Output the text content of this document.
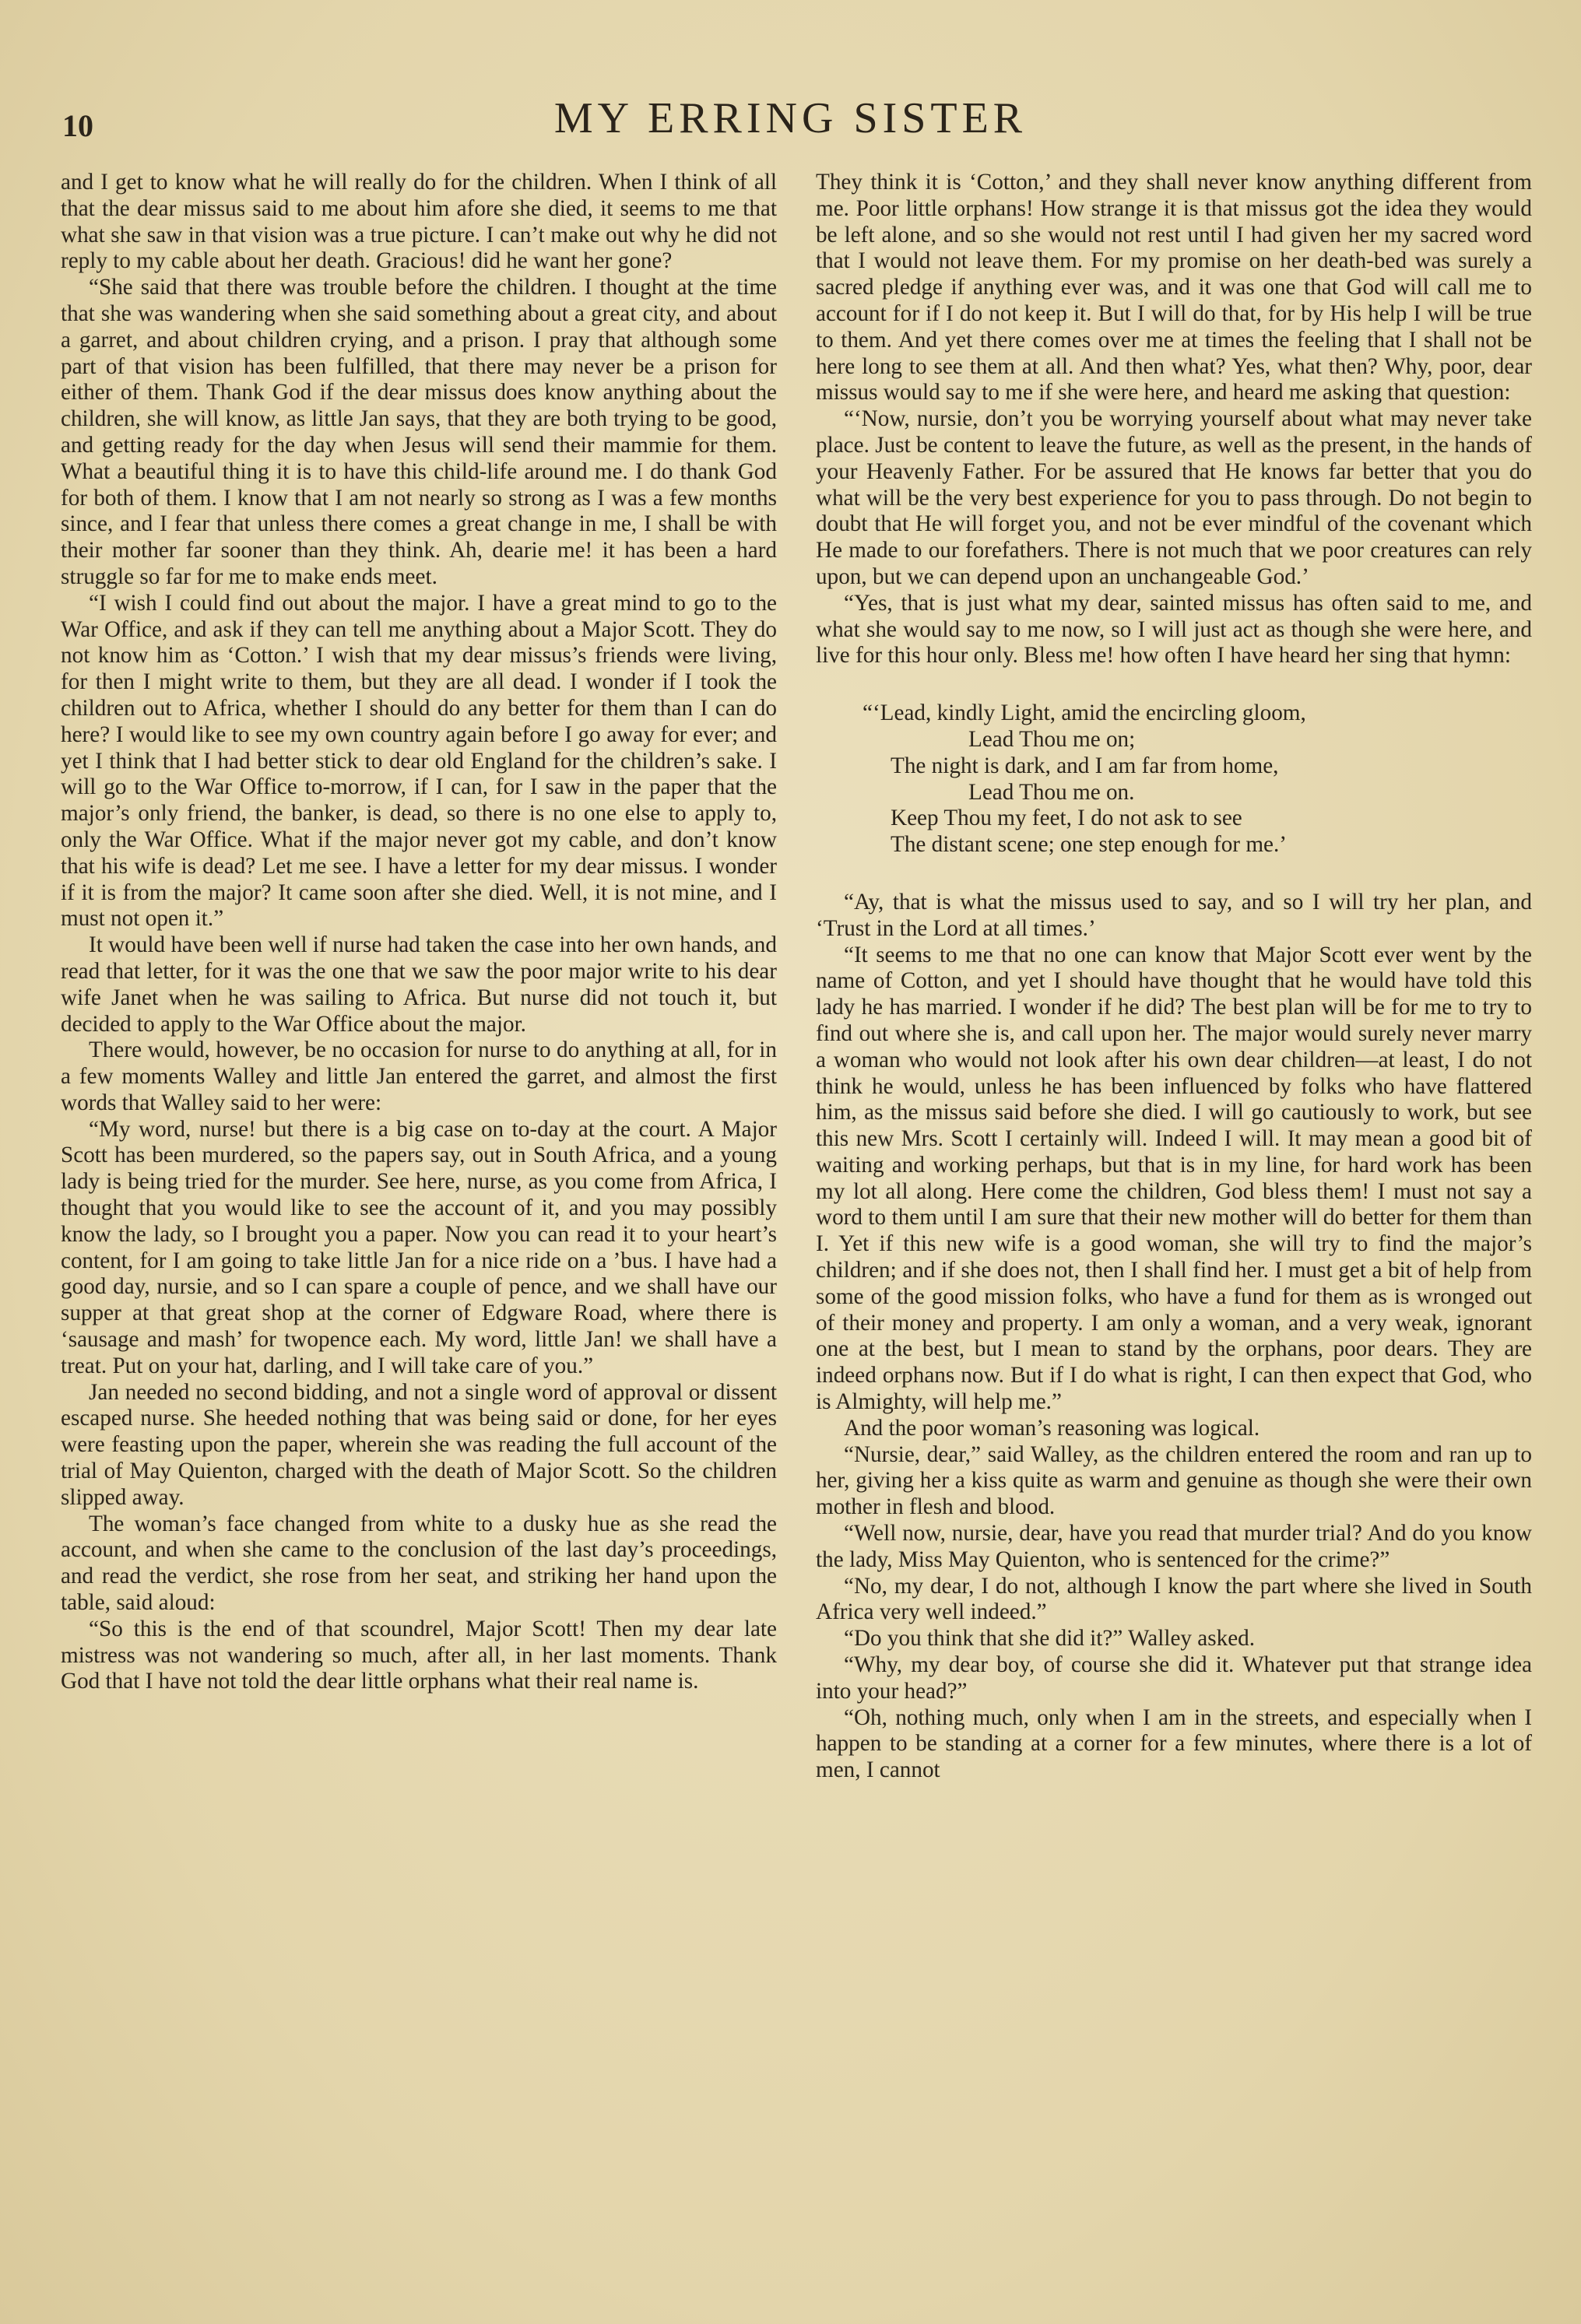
10	MY ERRING SISTER

and I get to know what he will really do for the children. When I think of all that the dear missus said to me about him afore she died, it seems to me that what she saw in that vision was a true picture. I can’t make out why he did not reply to my cable about her death. Gracious! did he want her gone?

“She said that there was trouble before the children. I thought at the time that she was wandering when she said something about a great city, and about a garret, and about children crying, and a prison. I pray that although some part of that vision has been fulfilled, that there may never be a prison for either of them. Thank God if the dear missus does know anything about the children, she will know, as little Jan says, that they are both trying to be good, and getting ready for the day when Jesus will send their mammie for them. What a beautiful thing it is to have this child-life around me. I do thank God for both of them. I know that I am not nearly so strong as I was a few months since, and I fear that unless there comes a great change in me, I shall be with their mother far sooner than they think. Ah, dearie me! it has been a hard struggle so far for me to make ends meet.

“I wish I could find out about the major. I have a great mind to go to the War Office, and ask if they can tell me anything about a Major Scott. They do not know him as ‘Cotton.’ I wish that my dear missus’s friends were living, for then I might write to them, but they are all dead. I wonder if I took the children out to Africa, whether I should do any better for them than I can do here? I would like to see my own country again before I go away for ever; and yet I think that I had better stick to dear old England for the children’s sake. I will go to the War Office to-morrow, if I can, for I saw in the paper that the major’s only friend, the banker, is dead, so there is no one else to apply to, only the War Office. What if the major never got my cable, and don’t know that his wife is dead? Let me see. I have a letter for my dear missus. I wonder if it is from the major? It came soon after she died. Well, it is not mine, and I must not open it.”

It would have been well if nurse had taken the case into her own hands, and read that letter, for it was the one that we saw the poor major write to his dear wife Janet when he was sailing to Africa. But nurse did not touch it, but decided to apply to the War Office about the major.

There would, however, be no occasion for nurse to do anything at all, for in a few moments Walley and little Jan entered the garret, and almost the first words that Walley said to her were:

“My word, nurse! but there is a big case on to-day at the court. A Major Scott has been murdered, so the papers say, out in South Africa, and a young lady is being tried for the murder. See here, nurse, as you come from Africa, I thought that you would like to see the account of it, and you may possibly know the lady, so I brought you a paper. Now you can read it to your heart’s content, for I am going to take little Jan for a nice ride on a ’bus. I have had a good day, nursie, and so I can spare a couple of pence, and we shall have our supper at that great shop at the corner of Edgware Road, where there is ‘sausage and mash’ for twopence each. My word, little Jan! we shall have a treat. Put on your hat, darling, and I will take care of you.”

Jan needed no second bidding, and not a single word of approval or dissent escaped nurse. She heeded nothing that was being said or done, for her eyes were feasting upon the paper, wherein she was reading the full account of the trial of May Quienton, charged with the death of Major Scott. So the children slipped away.

The woman’s face changed from white to a dusky hue as she read the account, and when she came to the conclusion of the last day’s proceedings, and read the verdict, she rose from her seat, and striking her hand upon the table, said aloud:

“So this is the end of that scoundrel, Major Scott! Then my dear late mistress was not wandering so much, after all, in her last moments. Thank God that I have not told the dear little orphans what their real name is.

They think it is ‘Cotton,’ and they shall never know anything different from me. Poor little orphans! How strange it is that missus got the idea they would be left alone, and so she would not rest until I had given her my sacred word that I would not leave them. For my promise on her death-bed was surely a sacred pledge if anything ever was, and it was one that God will call me to account for if I do not keep it. But I will do that, for by His help I will be true to them. And yet there comes over me at times the feeling that I shall not be here long to see them at all. And then what? Yes, what then? Why, poor, dear missus would say to me if she were here, and heard me asking that question:

“‘Now, nursie, don’t you be worrying yourself about what may never take place. Just be content to leave the future, as well as the present, in the hands of your Heavenly Father. For be assured that He knows far better that you do what will be the very best experience for you to pass through. Do not begin to doubt that He will forget you, and not be ever mindful of the covenant which He made to our forefathers. There is not much that we poor creatures can rely upon, but we can depend upon an unchangeable God.’

“Yes, that is just what my dear, sainted missus has often said to me, and what she would say to me now, so I will just act as though she were here, and live for this hour only. Bless me! how often I have heard her sing that hymn:

“‘Lead, kindly Light, amid the encircling gloom,
Lead Thou me on;
The night is dark, and I am far from home,
Lead Thou me on.
Keep Thou my feet, I do not ask to see
The distant scene; one step enough for me.’

“Ay, that is what the missus used to say, and so I will try her plan, and ‘Trust in the Lord at all times.’

“It seems to me that no one can know that Major Scott ever went by the name of Cotton, and yet I should have thought that he would have told this lady he has married. I wonder if he did? The best plan will be for me to try to find out where she is, and call upon her. The major would surely never marry a woman who would not look after his own dear children—at least, I do not think he would, unless he has been influenced by folks who have flattered him, as the missus said before she died. I will go cautiously to work, but see this new Mrs. Scott I certainly will. Indeed I will. It may mean a good bit of waiting and working perhaps, but that is in my line, for hard work has been my lot all along. Here come the children, God bless them! I must not say a word to them until I am sure that their new mother will do better for them than I. Yet if this new wife is a good woman, she will try to find the major’s children; and if she does not, then I shall find her. I must get a bit of help from some of the good mission folks, who have a fund for them as is wronged out of their money and property. I am only a woman, and a very weak, ignorant one at the best, but I mean to stand by the orphans, poor dears. They are indeed orphans now. But if I do what is right, I can then expect that God, who is Almighty, will help me.”

And the poor woman’s reasoning was logical.

“Nursie, dear,” said Walley, as the children entered the room and ran up to her, giving her a kiss quite as warm and genuine as though she were their own mother in flesh and blood.

“Well now, nursie, dear, have you read that murder trial? And do you know the lady, Miss May Quienton, who is sentenced for the crime?”

“No, my dear, I do not, although I know the part where she lived in South Africa very well indeed.”

“Do you think that she did it?” Walley asked.

“Why, my dear boy, of course she did it. Whatever put that strange idea into your head?”

“Oh, nothing much, only when I am in the streets, and especially when I happen to be standing at a corner for a few minutes, where there is a lot of men, I cannot
